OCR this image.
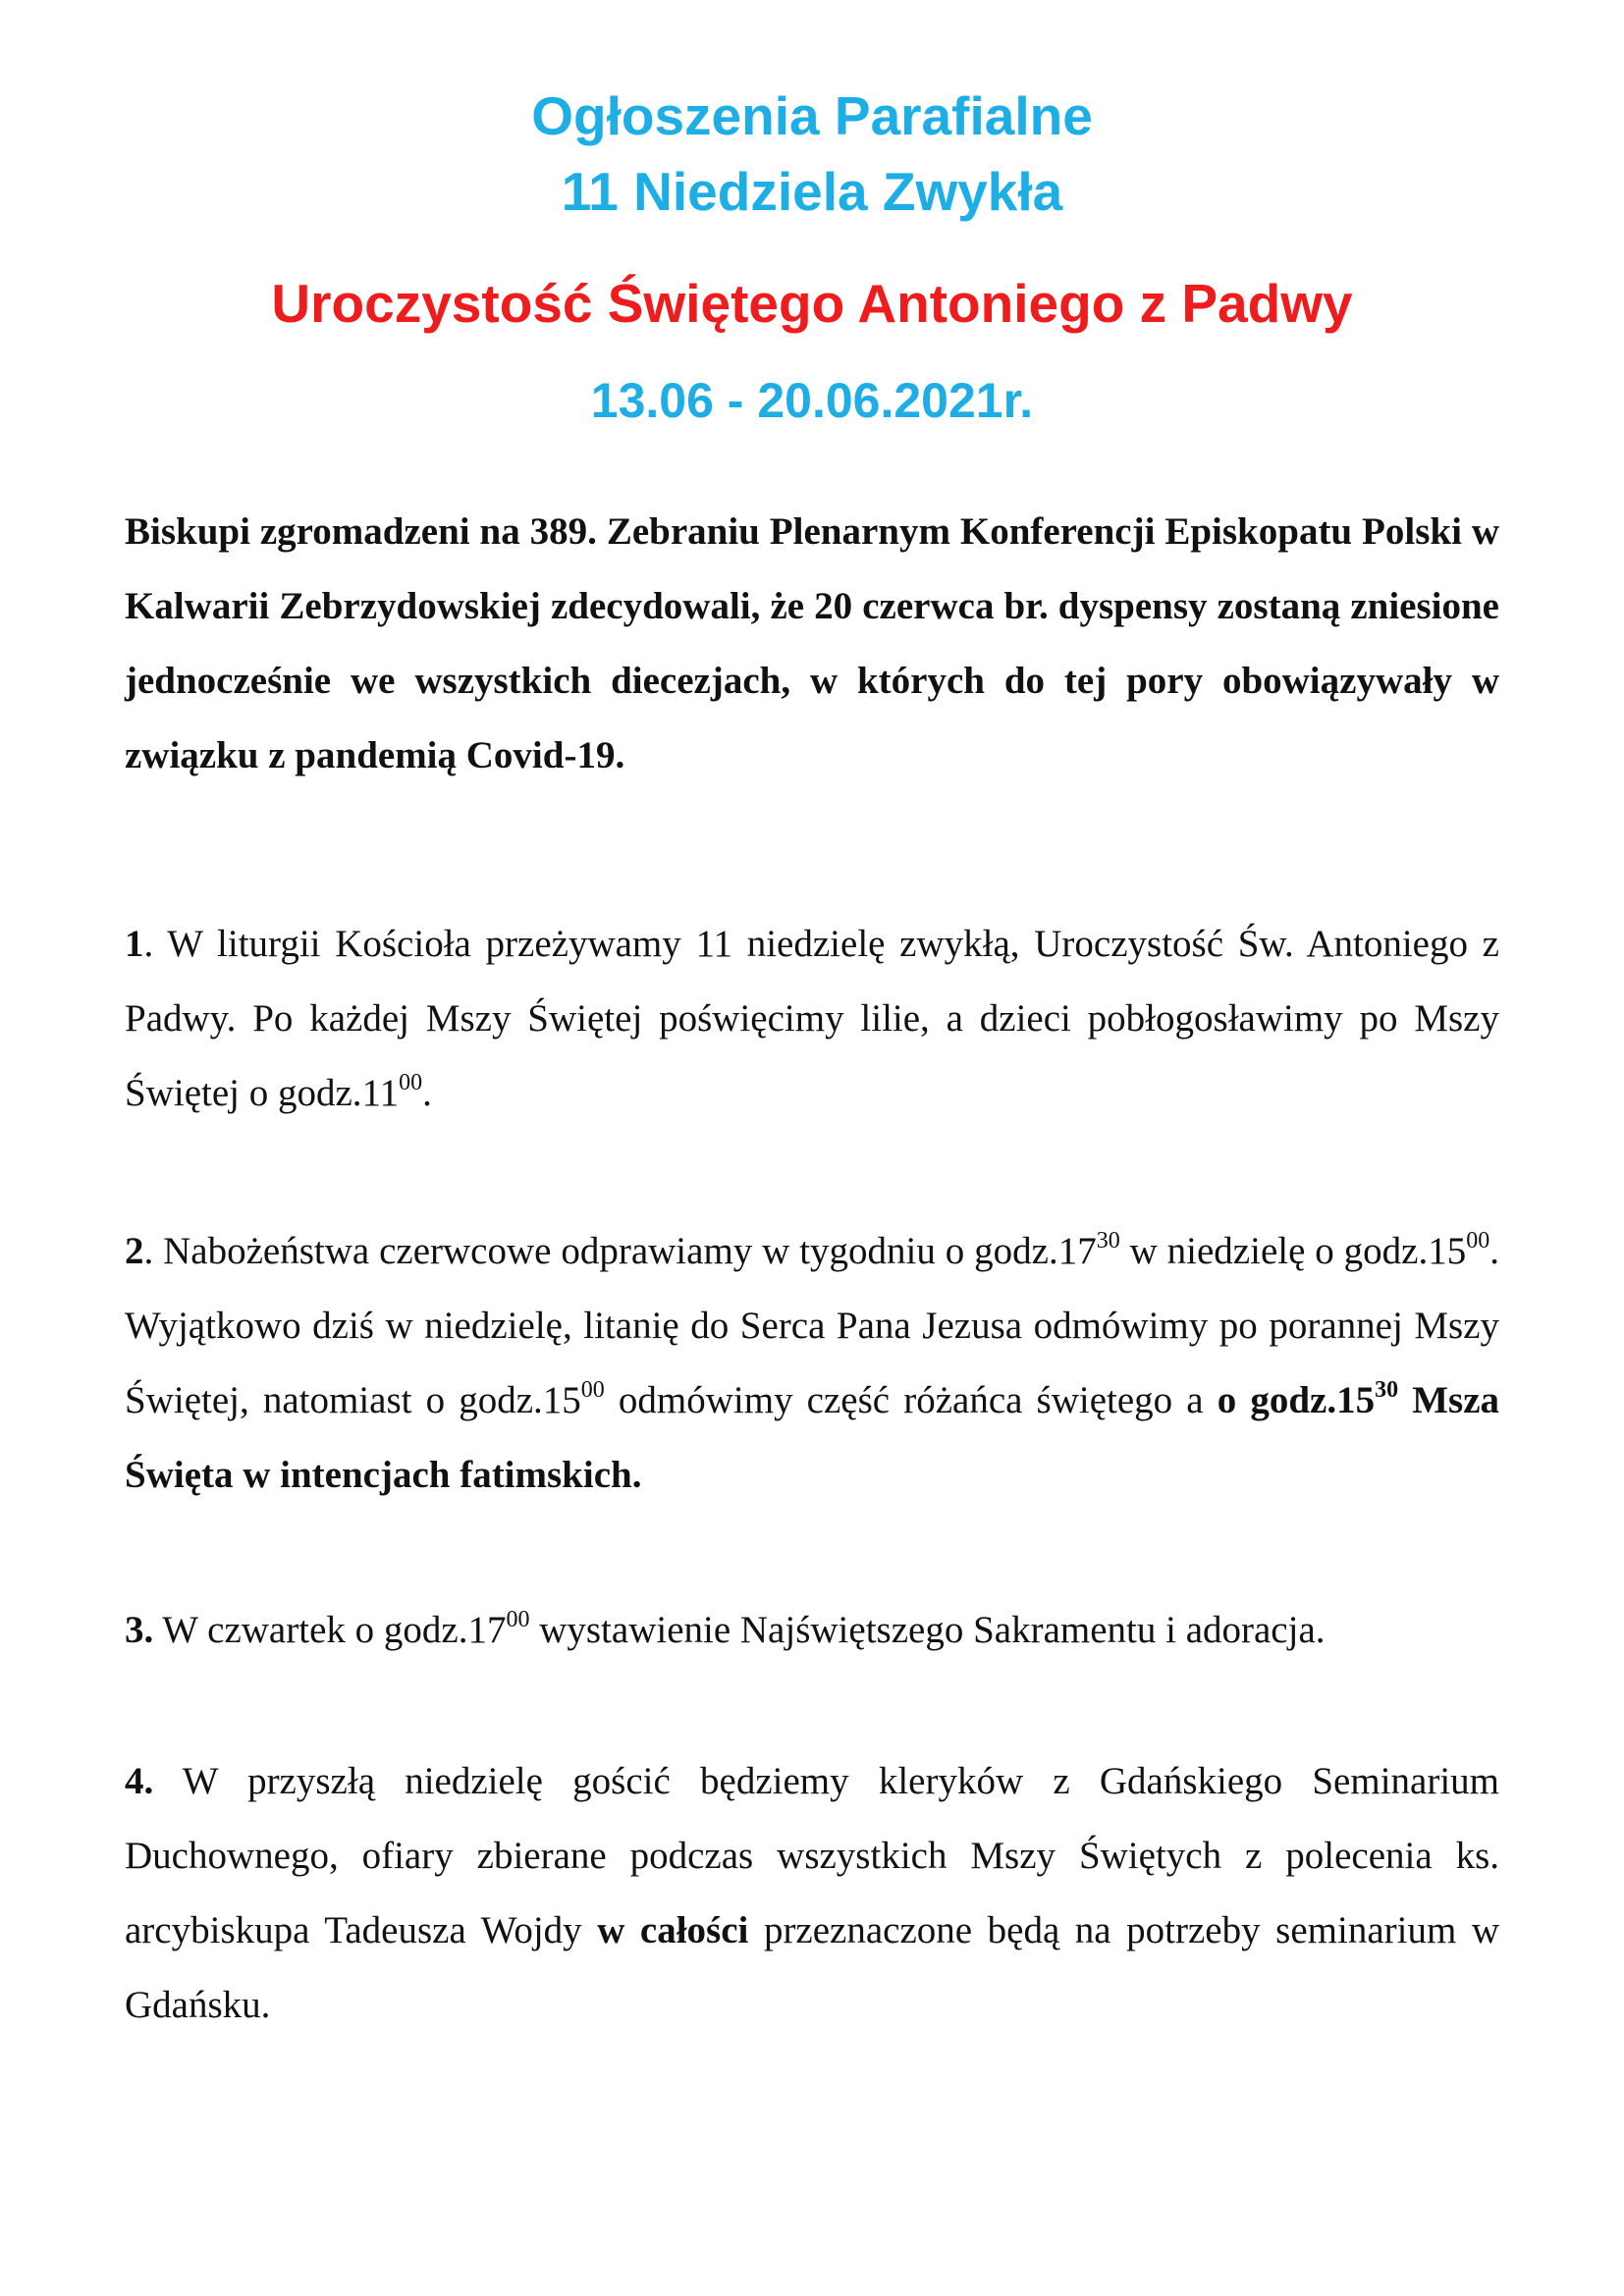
Ogłoszenia Parafialne
11 Niedziela Zwykła
Uroczystość Świętego Antoniego z Padwy
13.06 - 20.06.2021r.
Biskupi zgromadzeni na 389. Zebraniu Plenarnym Konferencji Episkopatu Polski w Kalwarii Zebrzydowskiej zdecydowali, że 20 czerwca br. dyspensy zostaną zniesione jednocześnie we wszystkich diecezjach, w których do tej pory obowiązywały w związku z pandemią Covid-19.
1. W liturgii Kościoła przeżywamy 11 niedzielę zwykłą, Uroczystość Św. Antoniego z Padwy. Po każdej Mszy Świętej poświęcimy lilie, a dzieci pobłogosławimy po Mszy Świętej o $godz.11^{00}$.
2. Nabożeństwa czerwcowe odprawiamy w tygodniu o $godz.17^{30}$ w niedzielę o $godz.15^{00}$. Wyjątkowo dziś w niedzielę, litanię do Serca Pana Jezusa odmówimy po porannej Mszy Świętej, natomiast o $godz.15^{00}$ odmówimy część różańca świętego a o $godz.15^{30}$ Msza Święta w intencjach fatimskich.
3. W czwartek o $godz.17^{00}$ wystawienie Najświętszego Sakramentu i adoracja.
4. W przyszłą niedzielę gościć będziemy kleryków z Gdańskiego Seminarium Duchownego, ofiary zbierane podczas wszystkich Mszy Świętych z polecenia ks. arcybiskupa Tadeusza Wojdy w całości przeznaczone będą na potrzeby seminarium w Gdańsku.
